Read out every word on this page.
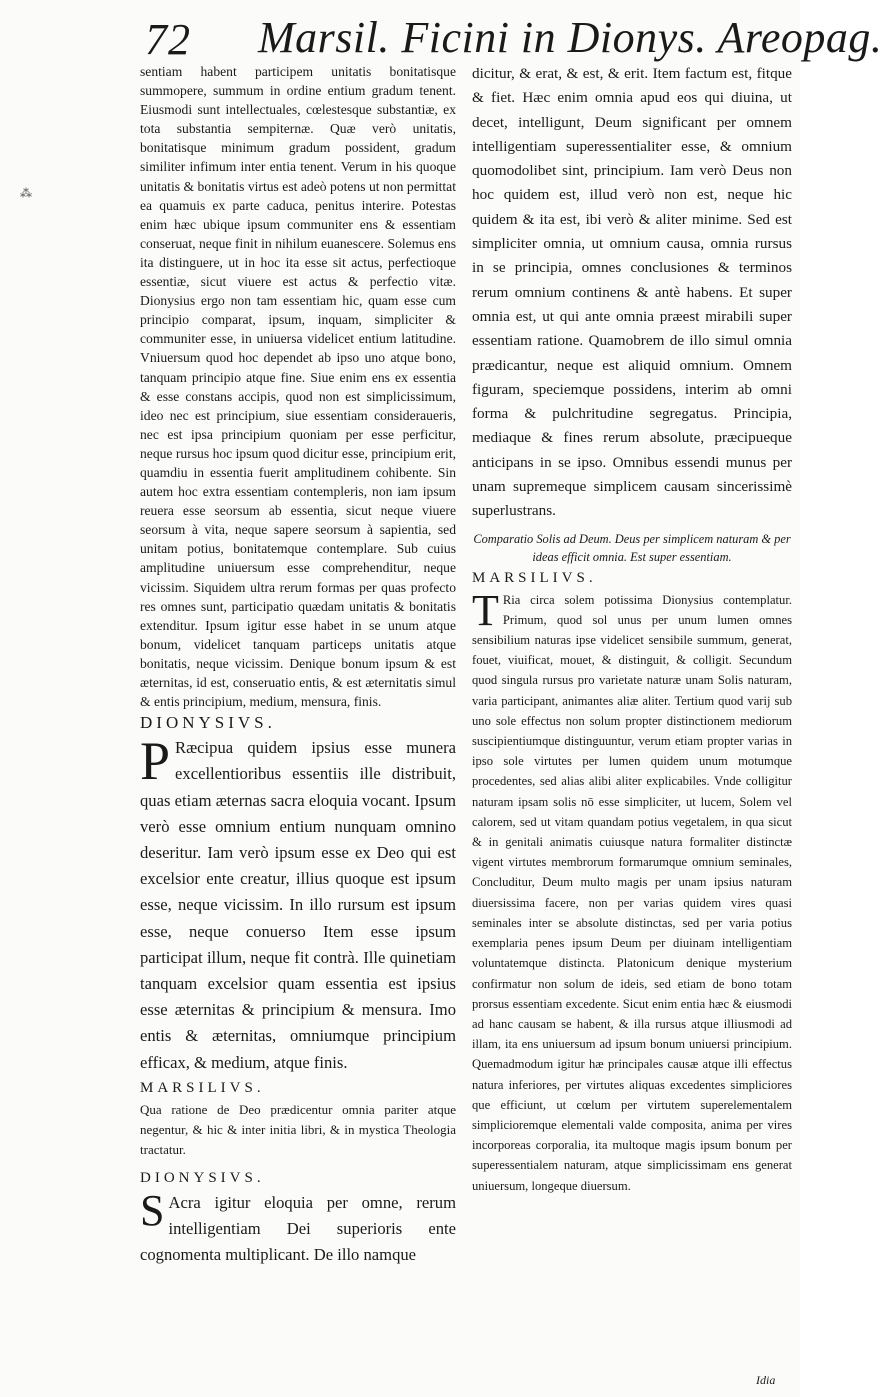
72 Marsil. Ficini in Dionys. Areopag.
⁂

sentiam habent participem unitatis bonitatisque summopere, summum in ordine entium gradum tenent. Eiusmodi sunt intellectuales, cœlestesque substantiæ, ex tota substantia sempiternæ. Quæ verò unitatis, bonitatisque minimum gradum possident, gradum similiter infimum inter entia tenent. Verum in his quoque unitatis & bonitatis virtus est adeò potens ut non permittat ea quamuis ex parte caduca, penitus interire. Potestas enim hæc ubique ipsum communiter ens & essentiam conseruat, neque finit in nihilum euanescere. Solemus ens ita distinguere, ut in hoc ita esse sit actus, perfectioque essentiæ, sicut viuere est actus & perfectio vitæ. Dionysius ergo non tam essentiam hic, quam esse cum principio comparat, ipsum, inquam, simpliciter & communiter esse, in uniuersa videlicet entium latitudine. Vniuersum quod hoc dependet ab ipso uno atque bono, tanquam principio atque fine. Siue enim ens ex essentia & esse constans accipis, quod non est simplicissimum, ideo nec est principium, siue essentiam consideraueris, nec est ipsa principium quoniam per esse perficitur, neque rursus hoc ipsum quod dicitur esse, principium erit, quamdiu in essentia fuerit amplitudinem cohibente. Sin autem hoc extra essentiam contempleris, non iam ipsum reuera esse seorsum ab essentia, sicut neque viuere seorsum à vita, neque sapere seorsum à sapientia, sed unitam potius, bonitatemque contemplare. Sub cuius amplitudine uniuersum esse comprehenditur, neque vicissim. Siquidem ultra rerum formas per quas profecto res omnes sunt, participatio quædam unitatis & bonitatis extenditur. Ipsum igitur esse habet in se unum atque bonum, videlicet tanquam particeps unitatis atque bonitatis, neque vicissim. Denique bonum ipsum & est æternitas, id est, conseruatio entis, & est æternitatis simul & entis principium, medium, mensura, finis.

DIONYSIVS.

P Ræcipua quidem ipsius esse munera excellentioribus essentiis ille distribuit, quas etiam æternas sacra eloquia vocant. Ipsum verò esse omnium entium nunquam omnino deseritur. Iam verò ipsum esse ex Deo qui est excelsior ente creatur, illius quoque est ipsum esse, neque vicissim. In illo rursum est ipsum esse, neque conuerso Item esse ipsum participat illum, neque fit contrà. Ille quinetiam tanquam excelsior quam essentia est ipsius esse æternitas & principium & mensura. Imo entis & æternitas, omniumque principium efficax, & medium, atque finis.

MARSILIVS.

Qua ratione de Deo prædicentur omnia pariter atque negentur, & hic & inter initia libri, & in mystica Theologia tractatur.

DIONYSIVS.

S Acra igitur eloquia per omne, rerum intelligentiam Dei superioris ente cognomenta multiplicant. De illo namque

dicitur, & erat, & est, & erit. Item factum est, fitque & fiet. Hæc enim omnia apud eos qui diuina, ut decet, intelligunt, Deum significant per omnem intelligentiam superessentialiter esse, & omnium quomodolibet sint, principium. Iam verò Deus non hoc quidem est, illud verò non est, neque hic quidem & ita est, ibi verò & aliter minime. Sed est simpliciter omnia, ut omnium causa, omnia rursus in se principia, omnes conclusiones & terminos rerum omnium continens & antè habens. Et super omnia est, ut qui ante omnia præest mirabili super essentiam ratione. Quamobrem de illo simul omnia prædicantur, neque est aliquid omnium. Omnem figuram, speciemque possidens, interim ab omni forma & pulchritudine segregatus. Principia, mediaque & fines rerum absolute, præcipueque anticipans in se ipso. Omnibus essendi munus per unam supremeque simplicem causam sincerissimè superlustrans.

Comparatio Solis ad Deum. Deus per simplicem naturam & per ideas efficit omnia. Est super essentiam.

MARSILIVS.

T Ria circa solem potissima Dionysius contemplatur. Primum, quod sol unus per unum lumen omnes sensibilium naturas ipse videlicet sensibile summum, generat, fouet, viuificat, mouet, & distinguit, & colligit. Secundum quod singula rursus pro varietate naturæ unam Solis naturam, varia participant, animantes aliæ aliter. Tertium quod varij sub uno sole effectus non solum propter distinctionem mediorum suscipientiumque distinguuntur, verum etiam propter varias in ipso sole virtutes per lumen quidem unum motumque procedentes, sed alias alibi aliter explicabiles. Vnde colligitur naturam ipsam solis nō esse simpliciter, ut lucem, Solem vel calorem, sed ut vitam quandam potius vegetalem, in qua sicut & in genitali animatis cuiusque natura formaliter distinctæ vigent virtutes membrorum formarumque omnium seminales, Concluditur, Deum multo magis per unam ipsius naturam diuersissima facere, non per varias quidem vires quasi seminales inter se absolute distinctas, sed per varia potius exemplaria penes ipsum Deum per diuinam intelligentiam voluntatemque distincta. Platonicum denique mysterium confirmatur non solum de ideis, sed etiam de bono totam prorsus essentiam excedente. Sicut enim entia hæc & eiusmodi ad hanc causam se habent, & illa rursus atque illiusmodi ad illam, ita ens uniuersum ad ipsum bonum uniuersi principium. Quemadmodum igitur hæ principales causæ atque illi effectus natura inferiores, per virtutes aliquas excedentes simpliciores que efficiunt, ut cœlum per virtutem superelementalem simplicioremque elementali valde composita, anima per vires incorporeas corporalia, ita multoque magis ipsum bonum per superessentialem naturam, atque simplicissimam ens generat uniuersum, longeque diuersum.

Idia
